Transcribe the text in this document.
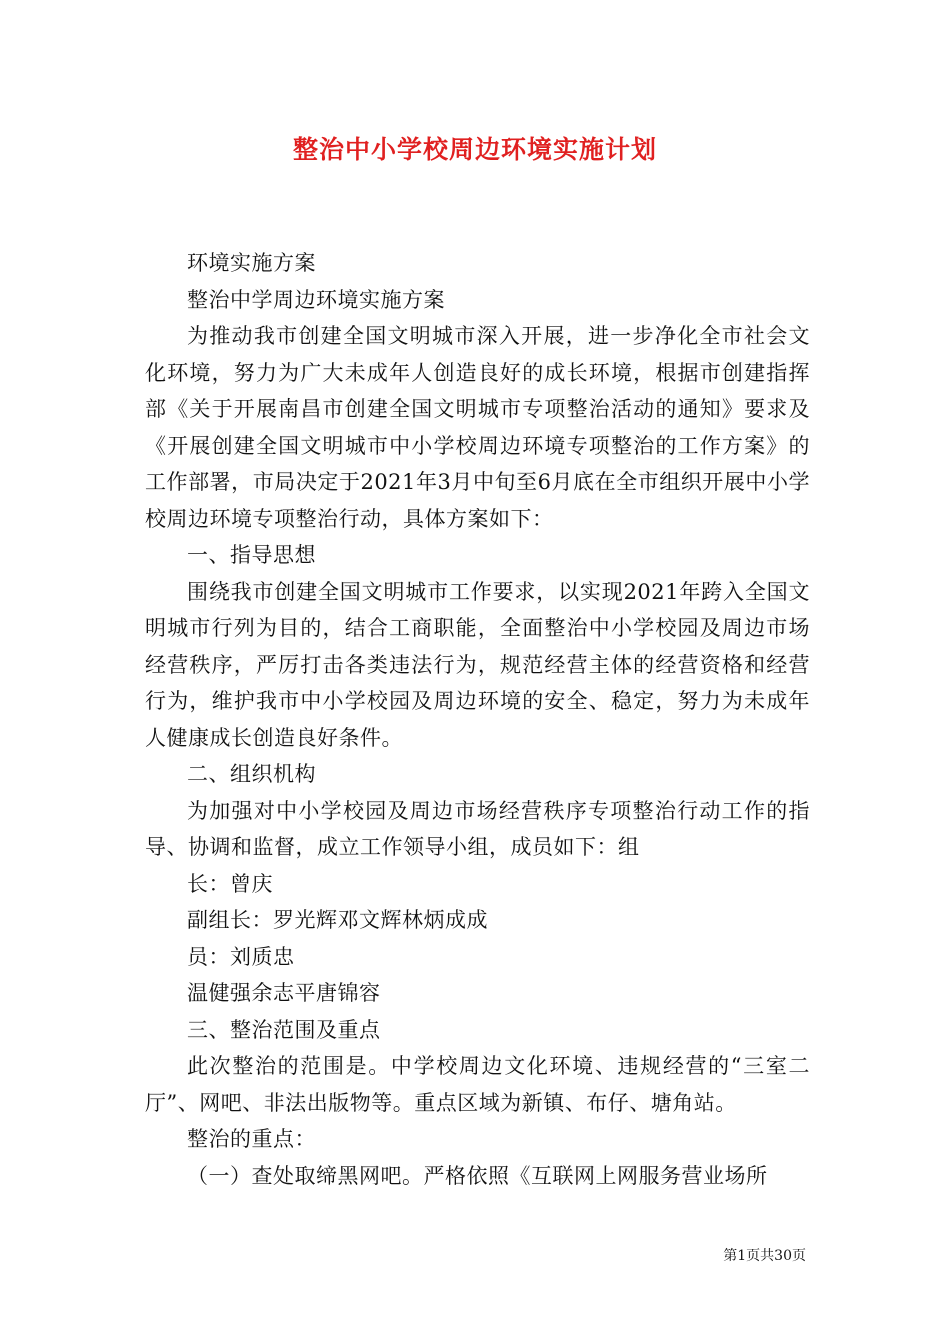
整治中小学校周边环境实施计划

环境实施方案

整治中学周边环境实施方案

为推动我市创建全国文明城市深入开展，进一步净化全市社会文化环境，努力为广大未成年人创造良好的成长环境，根据市创建指挥部《关于开展南昌市创建全国文明城市专项整治活动的通知》要求及《开展创建全国文明城市中小学校周边环境专项整治的工作方案》的工作部署，市局决定于2021年3月中旬至6月底在全市组织开展中小学校周边环境专项整治行动，具体方案如下：

一、指导思想

围绕我市创建全国文明城市工作要求，以实现2021年跨入全国文明城市行列为目的，结合工商职能，全面整治中小学校园及周边市场经营秩序，严厉打击各类违法行为，规范经营主体的经营资格和经营行为，维护我市中小学校园及周边环境的安全、稳定，努力为未成年人健康成长创造良好条件。

二、组织机构

为加强对中小学校园及周边市场经营秩序专项整治行动工作的指导、协调和监督，成立工作领导小组，成员如下：组

长：曾庆

副组长：罗光辉邓文辉林炳成成

员：刘质忠

温健强余志平唐锦容

三、整治范围及重点

此次整治的范围是。中学校周边文化环境、违规经营的“三室二厅”、网吧、非法出版物等。重点区域为新镇、布仔、塘角站。

整治的重点：

（一）查处取缔黑网吧。严格依照《互联网上网服务营业场所

第1页共30页
